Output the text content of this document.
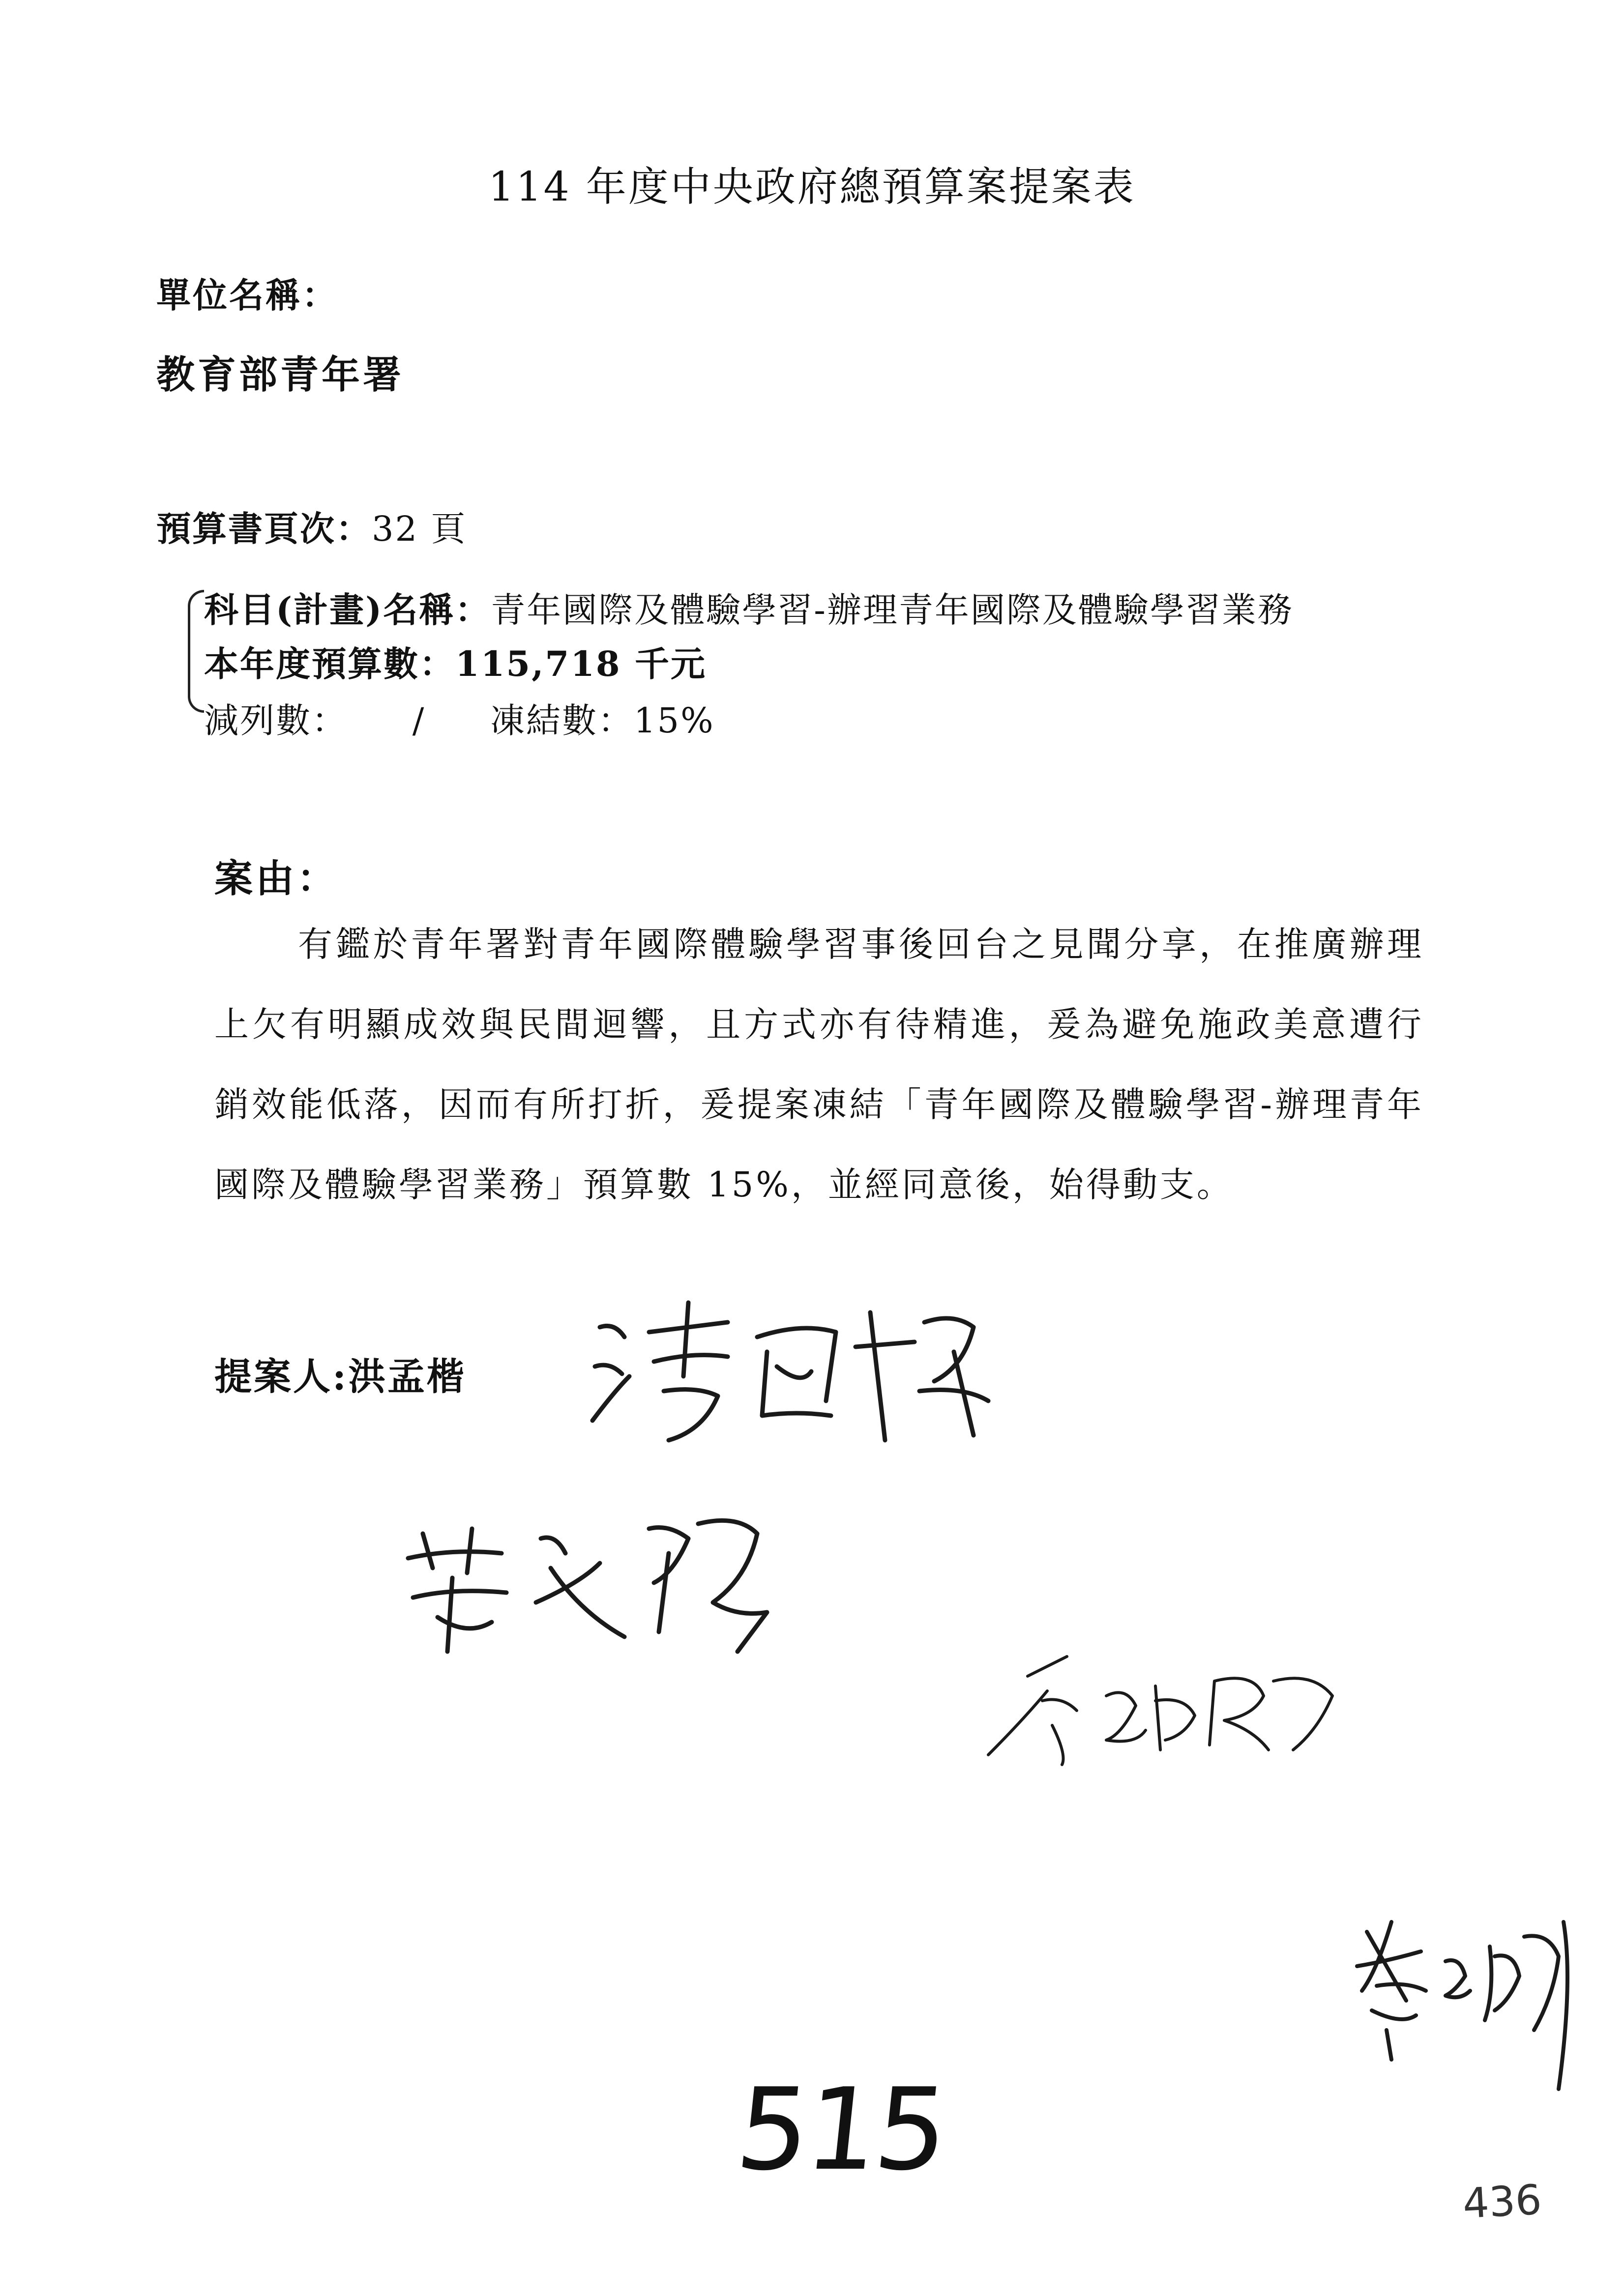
114 年度中央政府總預算案提案表
單位名稱：
教育部青年署
預算書頁次：32 頁
科目(計畫)名稱：青年國際及體驗學習-辦理青年國際及體驗學習業務
本年度預算數：115,718 千元
減列數： / 凍結數：15%
案由：
有鑑於青年署對青年國際體驗學習事後回台之見聞分享，在推廣辦理上欠有明顯成效與民間迴響，且方式亦有待精進，爰為避免施政美意遭行銷效能低落，因而有所打折，爰提案凍結「青年國際及體驗學習-辦理青年國際及體驗學習業務」預算數 15%，並經同意後，始得動支。
提案人:洪孟楷
515
436
